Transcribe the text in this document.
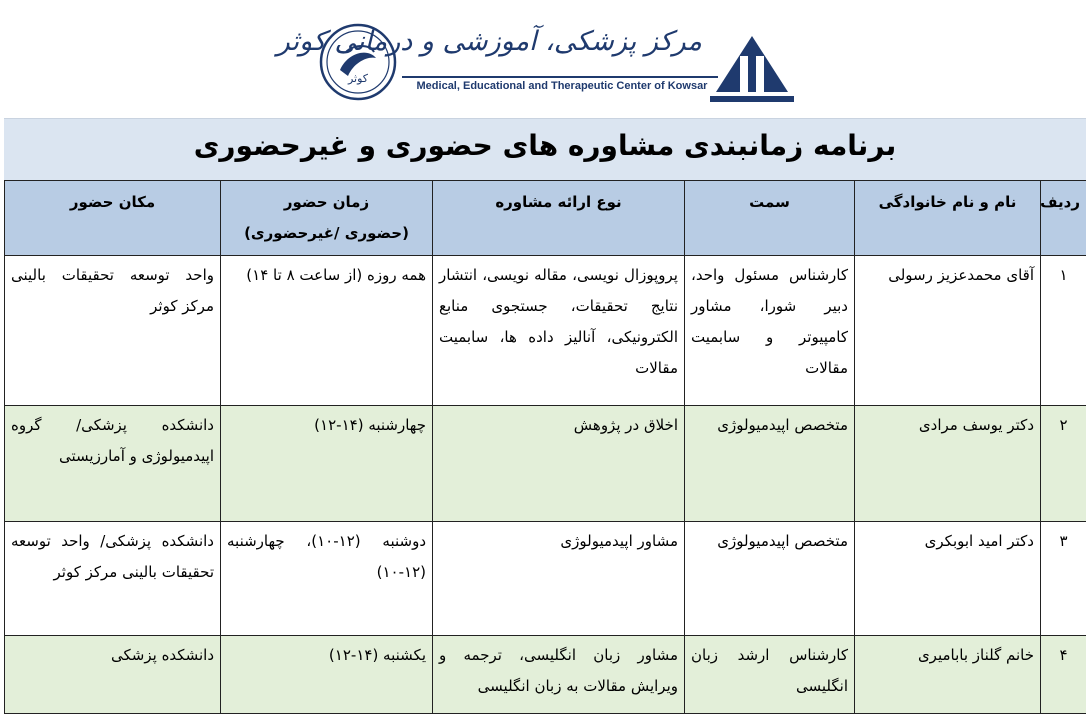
کوثر
مرکز پزشکی، آموزشی و درمانی کوثر
Medical, Educational and Therapeutic Center of Kowsar
برنامه زمانبندی مشاوره های حضوری و غیرحضوری
ردیف	نام و نام خانوادگی	سمت	نوع ارائه مشاوره	زمان حضور
(حضوری /غیرحضوری)	مکان حضور
۱	آقای محمدعزیز رسولی	کارشناس مسئول واحد، دبیر شورا، مشاور کامپیوتر و سابمیت مقالات	پروپوزال نویسی، مقاله نویسی، انتشار نتایج تحقیقات، جستجوی منابع الکترونیکی، آنالیز داده ها، سابمیت مقالات	همه روزه (از ساعت ۸ تا ۱۴)	واحد توسعه تحقیقات بالینی مرکز کوثر
۲	دکتر یوسف مرادی	متخصص اپیدمیولوژی	اخلاق در پژوهش	چهارشنبه (۱۴-۱۲)	دانشکده پزشکی/ گروه اپیدمیولوژی و آمارزیستی
۳	دکتر امید ابوبکری	متخصص اپیدمیولوژی	مشاور اپیدمیولوژی	دوشنبه (۱۲-۱۰)، چهارشنبه (۱۲-۱۰)	دانشکده پزشکی/ واحد توسعه تحقیقات بالینی مرکز کوثر
۴	خانم گلناز بابامیری	کارشناس ارشد زبان انگلیسی	مشاور زبان انگلیسی، ترجمه و ویرایش مقالات به زبان انگلیسی	یکشنبه (۱۴-۱۲)	دانشکده پزشکی
